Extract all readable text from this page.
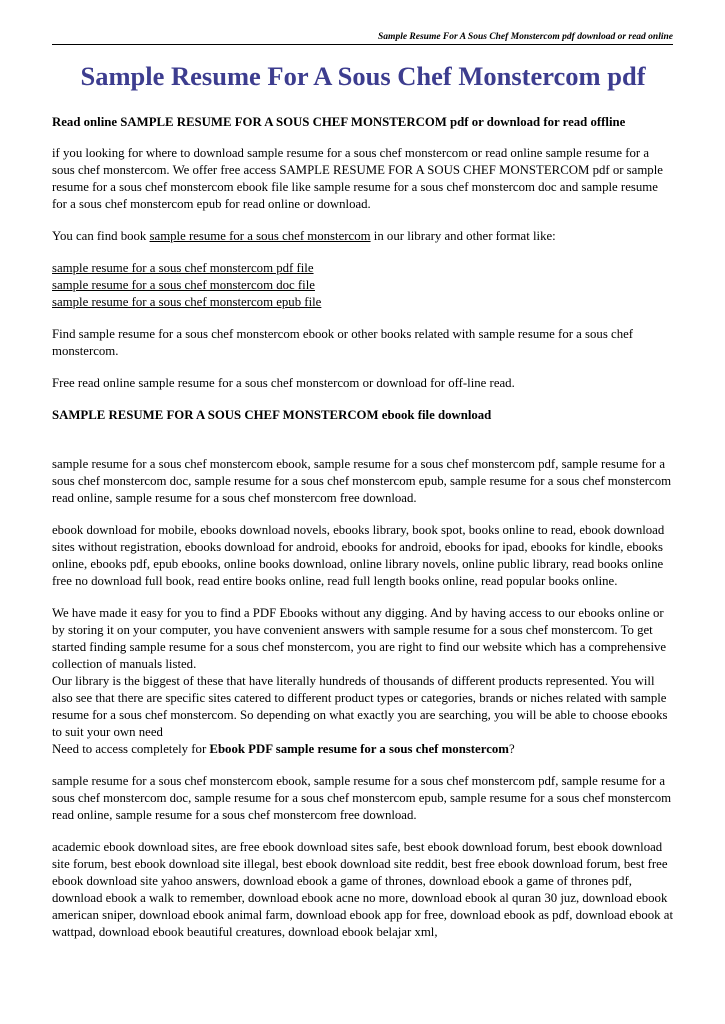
Sample Resume For A Sous Chef Monstercom pdf download or read online
Sample Resume For A Sous Chef Monstercom pdf

Read online SAMPLE RESUME FOR A SOUS CHEF MONSTERCOM pdf or download for read offline

if you looking for where to download sample resume for a sous chef monstercom or read online sample resume for a sous chef monstercom. We offer free access SAMPLE RESUME FOR A SOUS CHEF MONSTERCOM pdf or sample resume for a sous chef monstercom ebook file like sample resume for a sous chef monstercom doc and sample resume for a sous chef monstercom epub for read online or download.

You can find book sample resume for a sous chef monstercom in our library and other format like:

sample resume for a sous chef monstercom pdf file
sample resume for a sous chef monstercom doc file
sample resume for a sous chef monstercom epub file

Find sample resume for a sous chef monstercom ebook or other books related with sample resume for a sous chef monstercom.

Free read online sample resume for a sous chef monstercom or download for off-line read.

SAMPLE RESUME FOR A SOUS CHEF MONSTERCOM ebook file download

sample resume for a sous chef monstercom ebook, sample resume for a sous chef monstercom pdf, sample resume for a sous chef monstercom doc, sample resume for a sous chef monstercom epub, sample resume for a sous chef monstercom read online, sample resume for a sous chef monstercom free download.

ebook download for mobile, ebooks download novels, ebooks library, book spot, books online to read, ebook download sites without registration, ebooks download for android, ebooks for android, ebooks for ipad, ebooks for kindle, ebooks online, ebooks pdf, epub ebooks, online books download, online library novels, online public library, read books online free no download full book, read entire books online, read full length books online, read popular books online.

We have made it easy for you to find a PDF Ebooks without any digging. And by having access to our ebooks online or by storing it on your computer, you have convenient answers with sample resume for a sous chef monstercom. To get started finding sample resume for a sous chef monstercom, you are right to find our website which has a comprehensive collection of manuals listed.

Our library is the biggest of these that have literally hundreds of thousands of different products represented. You will also see that there are specific sites catered to different product types or categories, brands or niches related with sample resume for a sous chef monstercom. So depending on what exactly you are searching, you will be able to choose ebooks to suit your own need

Need to access completely for Ebook PDF sample resume for a sous chef monstercom?

sample resume for a sous chef monstercom ebook, sample resume for a sous chef monstercom pdf, sample resume for a sous chef monstercom doc, sample resume for a sous chef monstercom epub, sample resume for a sous chef monstercom read online, sample resume for a sous chef monstercom free download.

academic ebook download sites, are free ebook download sites safe, best ebook download forum, best ebook download site forum, best ebook download site illegal, best ebook download site reddit, best free ebook download forum, best free ebook download site yahoo answers, download ebook a game of thrones, download ebook a game of thrones pdf, download ebook a walk to remember, download ebook acne no more, download ebook al quran 30 juz, download ebook american sniper, download ebook animal farm, download ebook app for free, download ebook as pdf, download ebook at wattpad, download ebook beautiful creatures, download ebook belajar xml,
